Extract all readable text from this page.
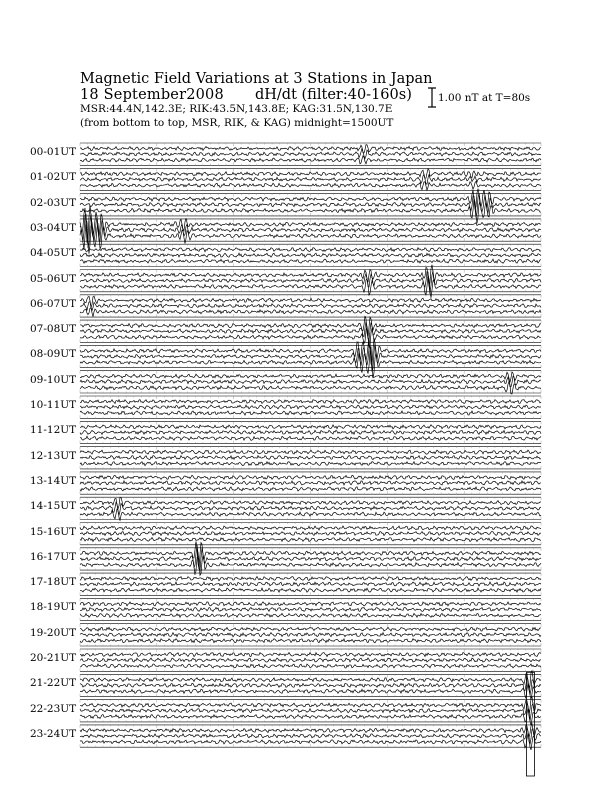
Magnetic Field Variations at 3 Stations in Japan
18 September2008 dH/dt (filter:40-160s)
MSR:44.4N,142.3E; RIK:43.5N,143.8E; KAG:31.5N,130.7E
(from bottom to top, MSR, RIK, & KAG) midnight=1500UT
1.00 nT at T=80s
00-01UT
01-02UT
02-03UT
03-04UT
04-05UT
05-06UT
06-07UT
07-08UT
08-09UT
09-10UT
10-11UT
11-12UT
12-13UT
13-14UT
14-15UT
15-16UT
16-17UT
17-18UT
18-19UT
19-20UT
20-21UT
21-22UT
22-23UT
23-24UT
